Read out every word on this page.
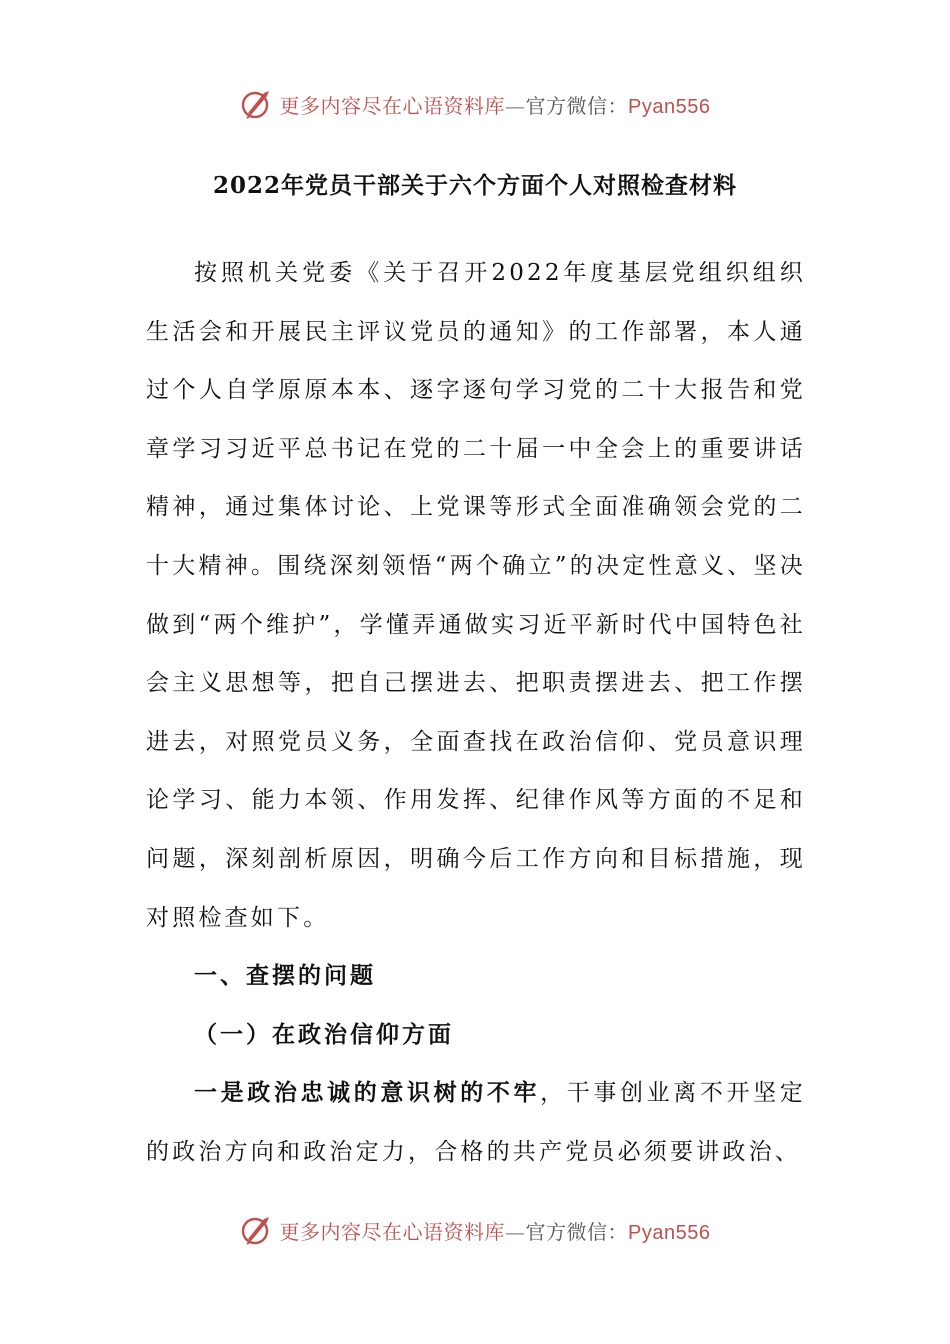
更多内容尽在心语资料库—官方微信：Pyan556
2022年党员干部关于六个方面个人对照检查材料

按照机关党委《关于召开2022年度基层党组织组织生活会和开展民主评议党员的通知》的工作部署，本人通过个人自学原原本本、逐字逐句学习党的二十大报告和党章学习习近平总书记在党的二十届一中全会上的重要讲话精神，通过集体讨论、上党课等形式全面准确领会党的二十大精神。围绕深刻领悟“两个确立”的决定性意义、坚决做到“两个维护”，学懂弄通做实习近平新时代中国特色社会主义思想等，把自己摆进去、把职责摆进去、把工作摆进去，对照党员义务，全面查找在政治信仰、党员意识理论学习、能力本领、作用发挥、纪律作风等方面的不足和问题，深刻剖析原因，明确今后工作方向和目标措施，现对照检查如下。

一、查摆的问题

（一）在政治信仰方面

一是政治忠诚的意识树的不牢，干事创业离不开坚定的政治方向和政治定力，合格的共产党员必须要讲政治、

更多内容尽在心语资料库—官方微信：Pyan556
